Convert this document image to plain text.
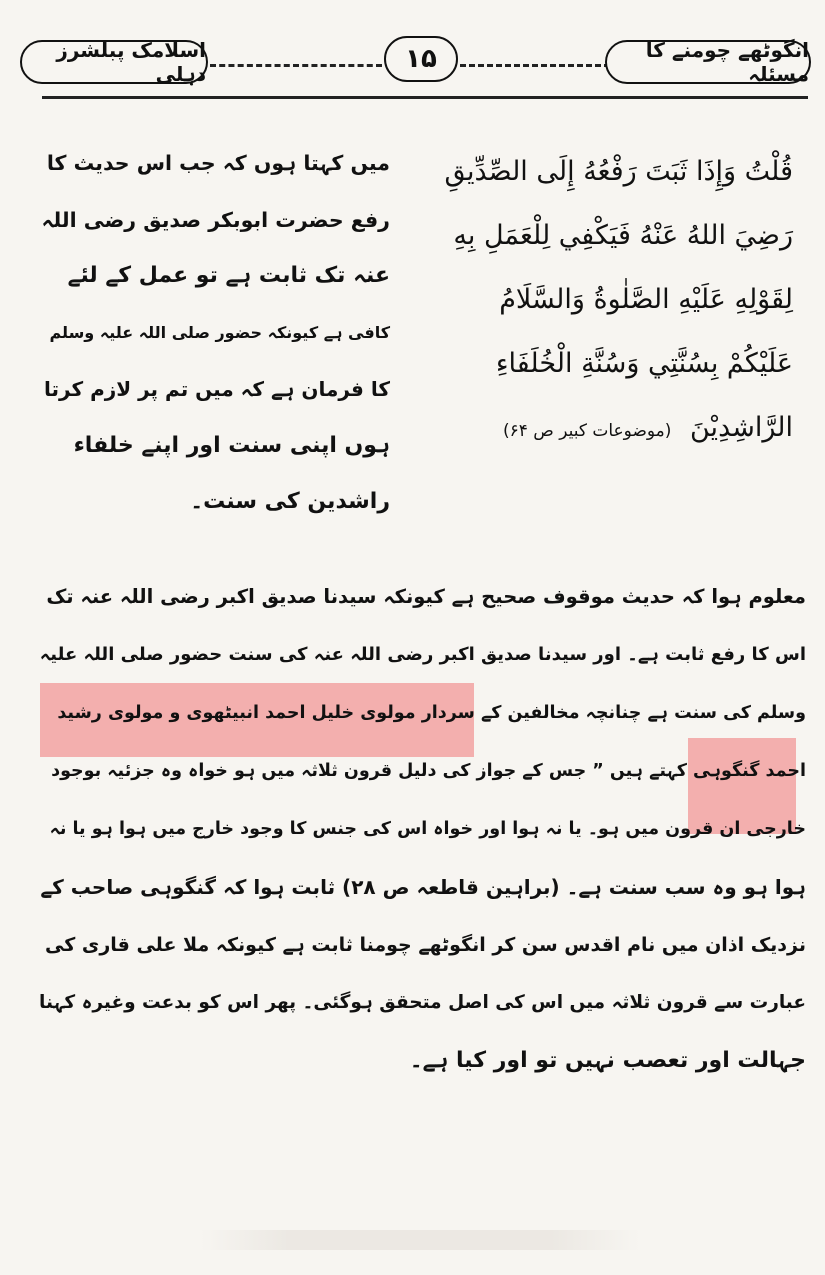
اسلامک پبلشرز دہلی	۱۵	انگوٹھے چومنے کا مسئلہ
قُلْتُ وَإِذَا ثَبَتَ رَفْعُهُ إِلَى الصِّدِّيقِ
رَضِيَ اللهُ عَنْهُ فَيَكْفِي لِلْعَمَلِ بِهِ
لِقَوْلِهِ عَلَيْهِ الصَّلٰوةُ وَالسَّلَامُ
عَلَيْكُمْ بِسُنَّتِي وَسُنَّةِ الْخُلَفَاءِ
الرَّاشِدِيْنَ (موضوعات کبیر ص ۶۴)
میں کہتا ہوں کہ جب اس حدیث کا
رفع حضرت ابوبکر صدیق رضی اللہ
عنہ تک ثابت ہے تو عمل کے لئے
کافی ہے کیونکہ حضور صلی اللہ علیہ وسلم
کا فرمان ہے کہ میں تم پر لازم کرتا
ہوں اپنی سنت اور اپنے خلفاء
راشدین کی سنت۔
معلوم ہوا کہ حدیث موقوف صحیح ہے کیونکہ سیدنا صدیق اکبر رضی اللہ عنہ تک
اس کا رفع ثابت ہے۔ اور سیدنا صدیق اکبر رضی اللہ عنہ کی سنت حضور صلی اللہ علیہ
وسلم کی سنت ہے چنانچہ مخالفین کے سردار مولوی خلیل احمد انبیٹھوی و مولوی رشید
احمد گنگوہی کہتے ہیں ” جس کے جواز کی دلیل قرون ثلاثہ میں ہو خواہ وہ جزئیہ بوجود
خارجی ان قرون میں ہو۔ یا نہ ہوا اور خواہ اس کی جنس کا وجود خارج میں ہوا ہو یا نہ
ہوا ہو وہ سب سنت ہے۔ (براہین قاطعہ ص ۲۸) ثابت ہوا کہ گنگوہی صاحب کے
نزدیک اذان میں نام اقدس سن کر انگوٹھے چومنا ثابت ہے کیونکہ ملا علی قاری کی
عبارت سے قرون ثلاثہ میں اس کی اصل متحقق ہوگئی۔ پھر اس کو بدعت وغیرہ کہنا
جہالت اور تعصب نہیں تو اور کیا ہے۔
